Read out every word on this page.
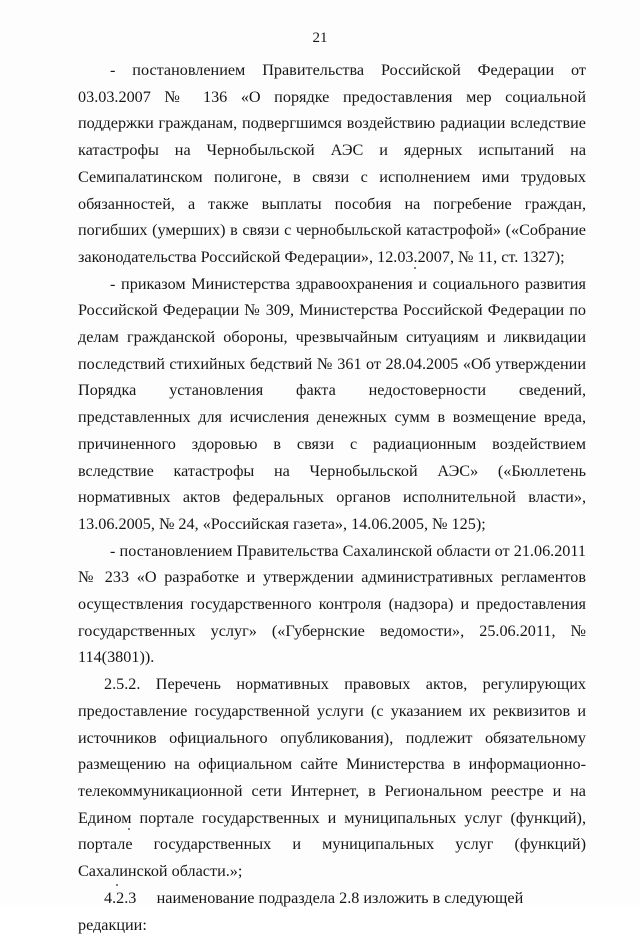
21

- постановлением Правительства Российской Федерации от 03.03.2007 № 136 «О порядке предоставления мер социальной поддержки гражданам, подвергшимся воздействию радиации вследствие катастрофы на Чернобыльской АЭС и ядерных испытаний на Семипалатинском полигоне, в связи с исполнением ими трудовых обязанностей, а также выплаты пособия на погребение граждан, погибших (умерших) в связи с чернобыльской катастрофой» («Собрание законодательства Российской Федерации», 12.03.2007, № 11, ст. 1327);

- приказом Министерства здравоохранения и социального развития Российской Федерации № 309, Министерства Российской Федерации по делам гражданской обороны, чрезвычайным ситуациям и ликвидации последствий стихийных бедствий № 361 от 28.04.2005 «Об утверждении Порядка установления факта недостоверности сведений, представленных для исчисления денежных сумм в возмещение вреда, причиненного здоровью в связи с радиационным воздействием вследствие катастрофы на Чернобыльской АЭС» («Бюллетень нормативных актов федеральных органов исполнительной власти», 13.06.2005, № 24, «Российская газета», 14.06.2005, № 125);

- постановлением Правительства Сахалинской области от 21.06.2011 № 233 «О разработке и утверждении административных регламентов осуществления государственного контроля (надзора) и предоставления государственных услуг» («Губернские ведомости», 25.06.2011, № 114(3801)).

2.5.2. Перечень нормативных правовых актов, регулирующих предоставление государственной услуги (с указанием их реквизитов и источников официального опубликования), подлежит обязательному размещению на официальном сайте Министерства в информационно-телекоммуникационной сети Интернет, в Региональном реестре и на Едином портале государственных и муниципальных услуг (функций), портале государственных и муниципальных услуг (функций) Сахалинской области.»;

4.2.3 наименование подраздела 2.8 изложить в следующей редакции:
